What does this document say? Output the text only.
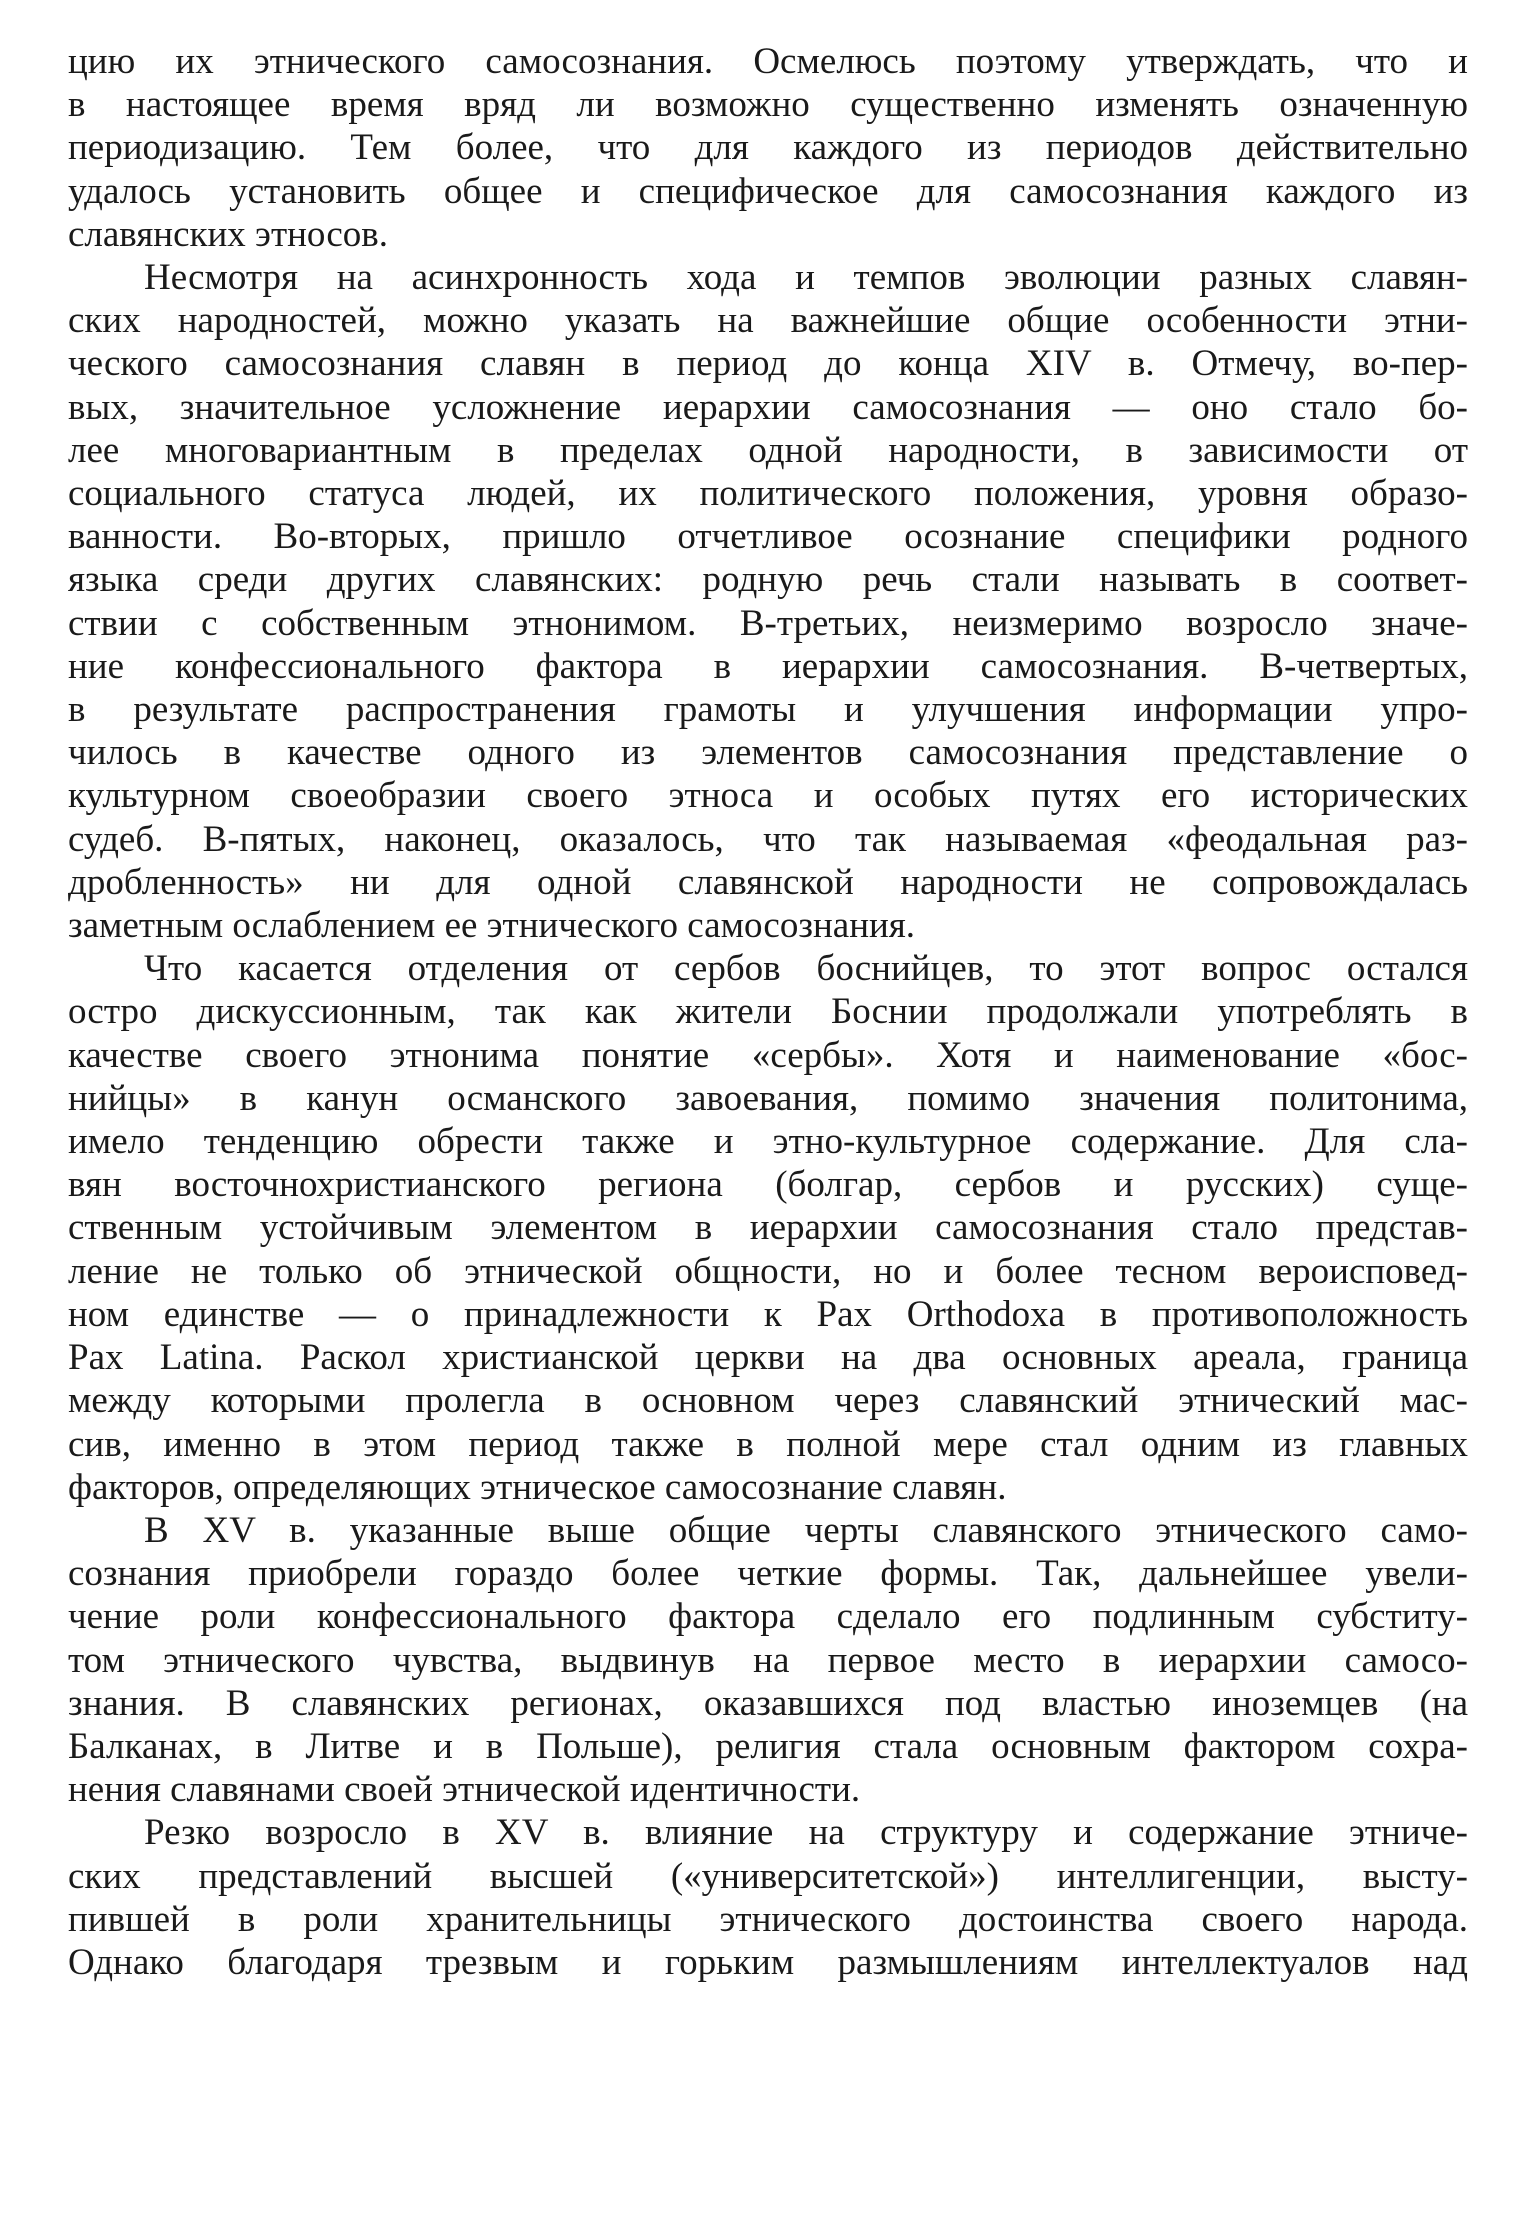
цию их этнического самосознания. Осмелюсь поэтому утверждать, что и
в настоящее время вряд ли возможно существенно изменять означенную
периодизацию. Тем более, что для каждого из периодов действительно
удалось установить общее и специфическое для самосознания каждого из
славянских этносов.
Несмотря на асинхронность хода и темпов эволюции разных славян-
ских народностей, можно указать на важнейшие общие особенности этни-
ческого самосознания славян в период до конца XIV в. Отмечу, во-пер-
вых, значительное усложнение иерархии самосознания — оно стало бо-
лее многовариантным в пределах одной народности, в зависимости от
социального статуса людей, их политического положения, уровня образо-
ванности. Во-вторых, пришло отчетливое осознание специфики родного
языка среди других славянских: родную речь стали называть в соответ-
ствии с собственным этнонимом. В-третьих, неизмеримо возросло значе-
ние конфессионального фактора в иерархии самосознания. В-четвертых,
в результате распространения грамоты и улучшения информации упро-
чилось в качестве одного из элементов самосознания представление о
культурном своеобразии своего этноса и особых путях его исторических
судеб. В-пятых, наконец, оказалось, что так называемая «феодальная раз-
дробленность» ни для одной славянской народности не сопровождалась
заметным ослаблением ее этнического самосознания.
Что касается отделения от сербов боснийцев, то этот вопрос остался
остро дискуссионным, так как жители Боснии продолжали употреблять в
качестве своего этнонима понятие «сербы». Хотя и наименование «бос-
нийцы» в канун османского завоевания, помимо значения политонима,
имело тенденцию обрести также и этно-культурное содержание. Для сла-
вян восточнохристианского региона (болгар, сербов и русских) суще-
ственным устойчивым элементом в иерархии самосознания стало представ-
ление не только об этнической общности, но и более тесном вероисповед-
ном единстве — о принадлежности к Pax Orthodoxa в противоположность
Pax Latina. Раскол христианской церкви на два основных ареала, граница
между которыми пролегла в основном через славянский этнический мас-
сив, именно в этом период также в полной мере стал одним из главных
факторов, определяющих этническое самосознание славян.
В XV в. указанные выше общие черты славянского этнического само-
сознания приобрели гораздо более четкие формы. Так, дальнейшее увели-
чение роли конфессионального фактора сделало его подлинным субститу-
том этнического чувства, выдвинув на первое место в иерархии самосо-
знания. В славянских регионах, оказавшихся под властью иноземцев (на
Балканах, в Литве и в Польше), религия стала основным фактором сохра-
нения славянами своей этнической идентичности.
Резко возросло в XV в. влияние на структуру и содержание этниче-
ских представлений высшей («университетской») интеллигенции, высту-
пившей в роли хранительницы этнического достоинства своего народа.
Однако благодаря трезвым и горьким размышлениям интеллектуалов над
